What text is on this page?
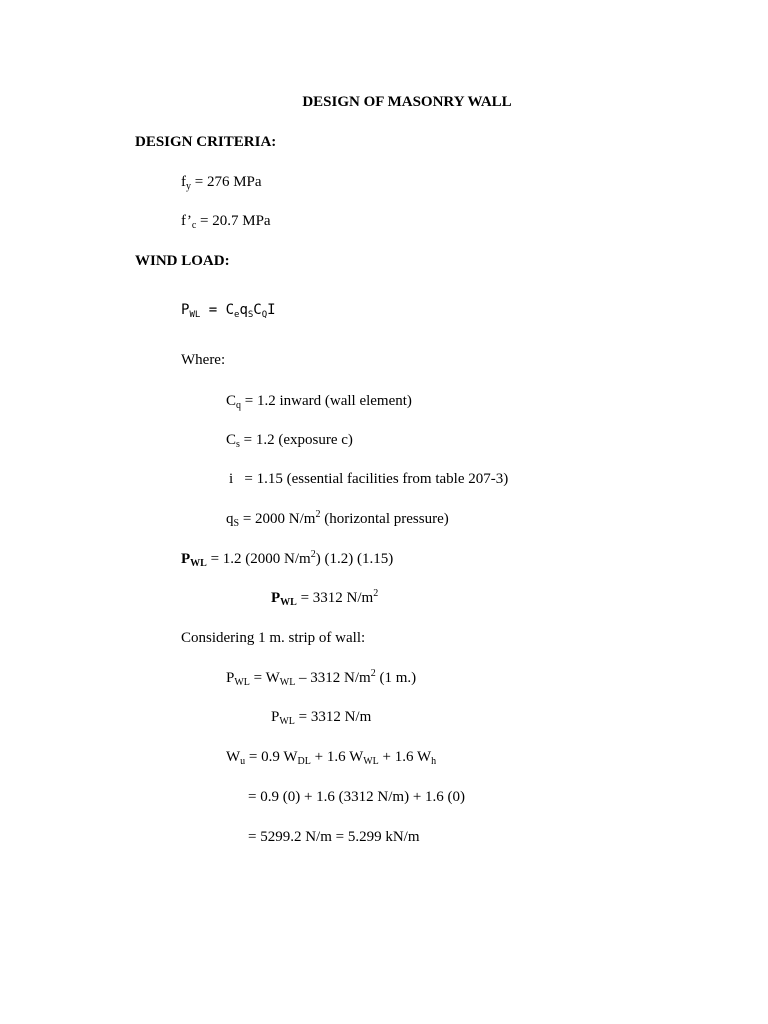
DESIGN OF MASONRY WALL
DESIGN CRITERIA:
$f_y = 276$ MPa
$f’_c = 20.7$ MPa
WIND LOAD:
$P_{WL} = C_eq_SC_QI$
Where:
$C_q = 1.2$ inward (wall element)
$C_s = 1.2$ (exposure c)
i   = 1.15 (essential facilities from table 207-3)
$q_S = 2000$ $N/m^2$ (horizontal pressure)
$P_{WL} = 1.2$ (2000 $N/m^2$) (1.2) (1.15)
$P_{WL} = 3312$ $N/m^2$
Considering 1 m. strip of wall:
$P_{WL} = W_{WL} - 3312$ $N/m^2$ (1 m.)
$P_{WL} = 3312$ N/m
$W_u = 0.9$ $W_{DL} + 1.6$ $W_{WL} + 1.6$ $W_h$
= 0.9 (0) + 1.6 (3312 N/m) + 1.6 (0)
= 5299.2 N/m = 5.299 kN/m
